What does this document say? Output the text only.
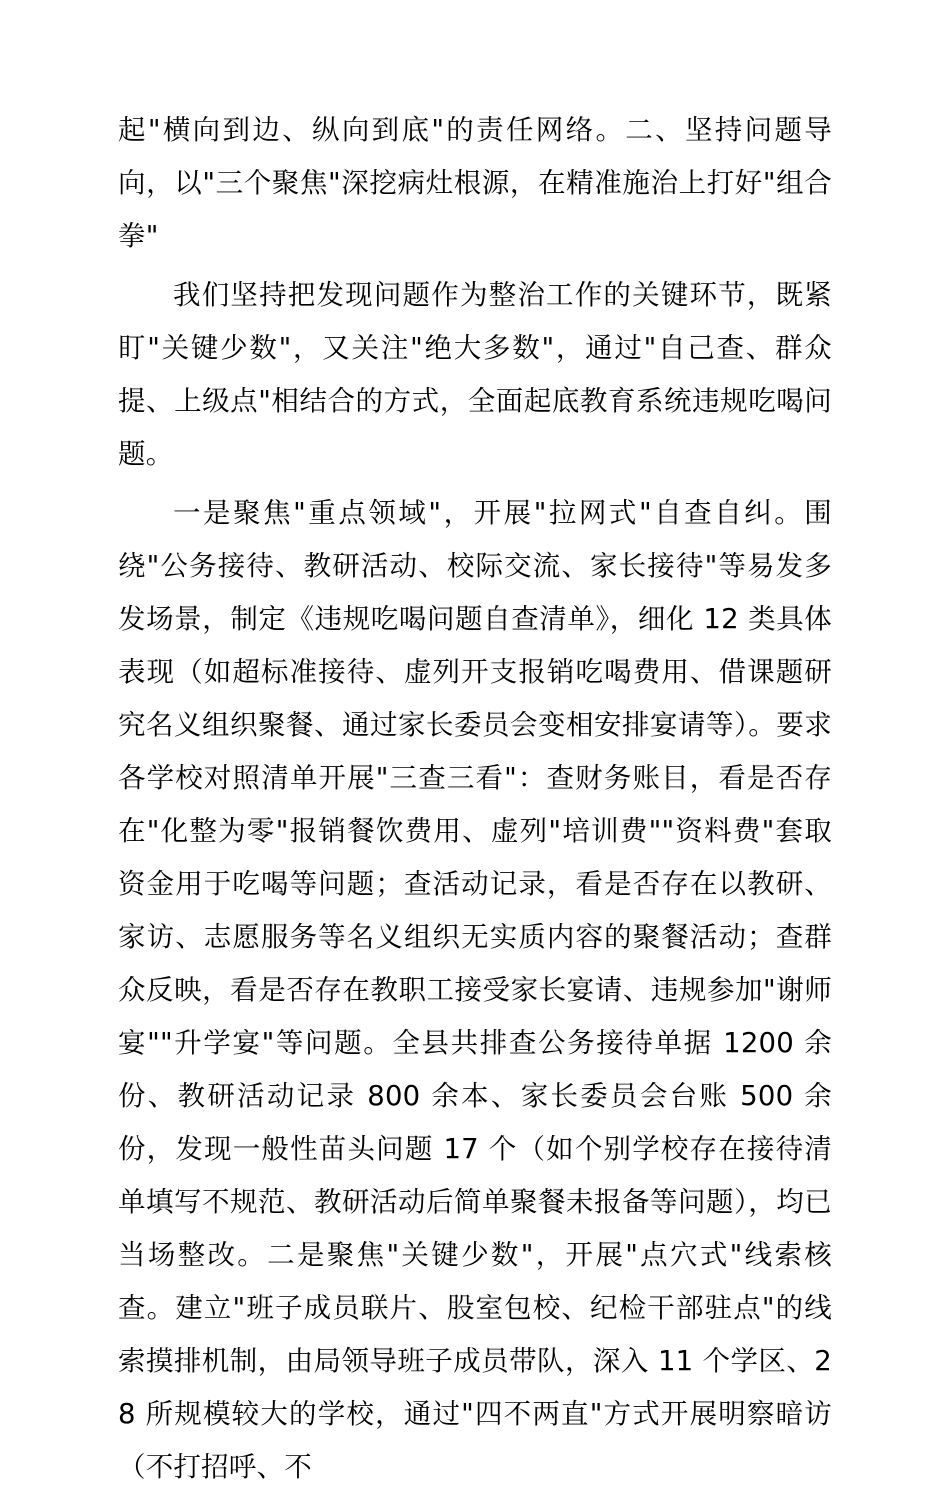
起"横向到边、纵向到底"的责任网络。二、坚持问题导向，以"三个聚焦"深挖病灶根源，在精准施治上打好"组合拳"

我们坚持把发现问题作为整治工作的关键环节，既紧盯"关键少数"，又关注"绝大多数"，通过"自己查、群众提、上级点"相结合的方式，全面起底教育系统违规吃喝问题。

一是聚焦"重点领域"，开展"拉网式"自查自纠。围绕"公务接待、教研活动、校际交流、家长接待"等易发多发场景，制定《违规吃喝问题自查清单》，细化 12 类具体表现（如超标准接待、虚列开支报销吃喝费用、借课题研究名义组织聚餐、通过家长委员会变相安排宴请等）。要求各学校对照清单开展"三查三看"：查财务账目，看是否存在"化整为零"报销餐饮费用、虚列"培训费""资料费"套取资金用于吃喝等问题；查活动记录，看是否存在以教研、家访、志愿服务等名义组织无实质内容的聚餐活动；查群众反映，看是否存在教职工接受家长宴请、违规参加"谢师宴""升学宴"等问题。全县共排查公务接待单据 1200 余份、教研活动记录 800 余本、家长委员会台账 500 余份，发现一般性苗头问题 17 个（如个别学校存在接待清单填写不规范、教研活动后简单聚餐未报备等问题），均已当场整改。二是聚焦"关键少数"，开展"点穴式"线索核查。建立"班子成员联片、股室包校、纪检干部驻点"的线索摸排机制，由局领导班子成员带队，深入 11 个学区、28 所规模较大的学校，通过"四不两直"方式开展明察暗访（不打招呼、不
